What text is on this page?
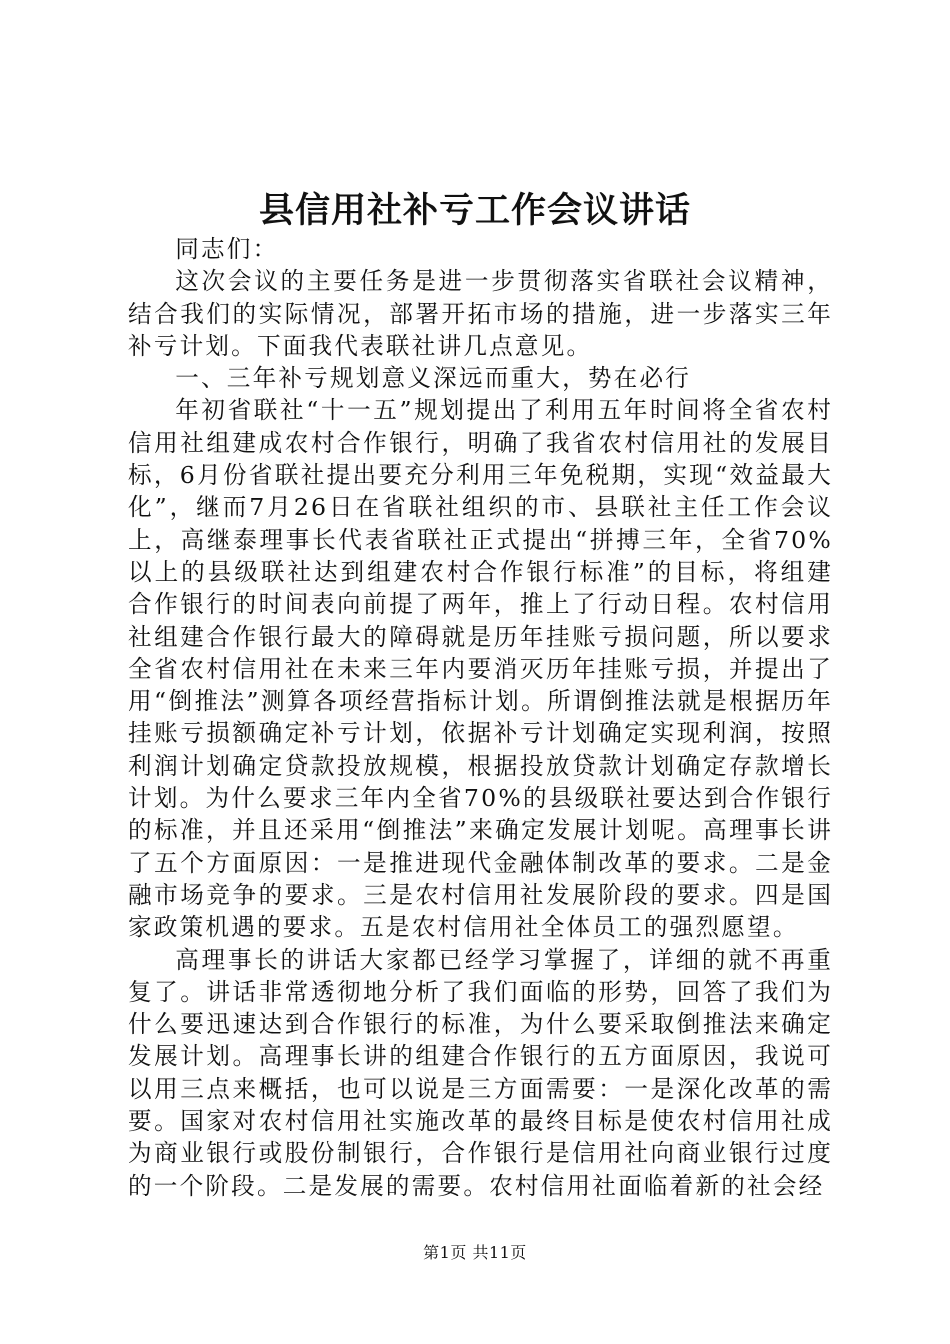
县信用社补亏工作会议讲话

同志们：

这次会议的主要任务是进一步贯彻落实省联社会议精神，结合我们的实际情况，部署开拓市场的措施，进一步落实三年补亏计划。下面我代表联社讲几点意见。

一、三年补亏规划意义深远而重大，势在必行

年初省联社“十一五”规划提出了利用五年时间将全省农村信用社组建成农村合作银行，明确了我省农村信用社的发展目标，6月份省联社提出要充分利用三年免税期，实现“效益最大化”，继而7月26日在省联社组织的市、县联社主任工作会议上，高继泰理事长代表省联社正式提出“拼搏三年，全省70%以上的县级联社达到组建农村合作银行标准”的目标，将组建合作银行的时间表向前提了两年，推上了行动日程。农村信用社组建合作银行最大的障碍就是历年挂账亏损问题，所以要求全省农村信用社在未来三年内要消灭历年挂账亏损，并提出了用“倒推法”测算各项经营指标计划。所谓倒推法就是根据历年挂账亏损额确定补亏计划，依据补亏计划确定实现利润，按照利润计划确定贷款投放规模，根据投放贷款计划确定存款增长计划。为什么要求三年内全省70%的县级联社要达到合作银行的标准，并且还采用“倒推法”来确定发展计划呢。高理事长讲了五个方面原因：一是推进现代金融体制改革的要求。二是金融市场竞争的要求。三是农村信用社发展阶段的要求。四是国家政策机遇的要求。五是农村信用社全体员工的强烈愿望。

高理事长的讲话大家都已经学习掌握了，详细的就不再重复了。讲话非常透彻地分析了我们面临的形势，回答了我们为什么要迅速达到合作银行的标准，为什么要采取倒推法来确定发展计划。高理事长讲的组建合作银行的五方面原因，我说可以用三点来概括，也可以说是三方面需要：一是深化改革的需要。国家对农村信用社实施改革的最终目标是使农村信用社成为商业银行或股份制银行，合作银行是信用社向商业银行过度的一个阶段。二是发展的需要。农村信用社面临着新的社会经

第1页 共11页
